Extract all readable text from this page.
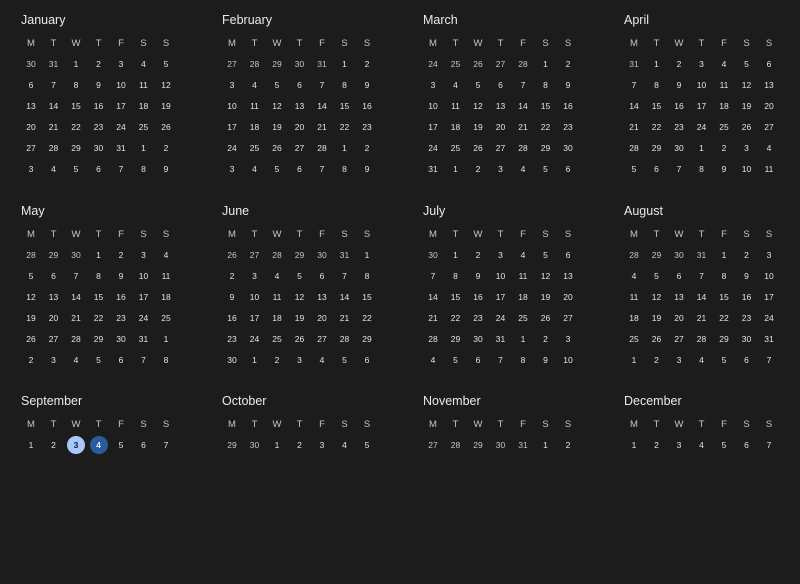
January
M	T	W	T	F	S	S
30	31	1	2	3	4	5
6	7	8	9	10	11	12
13	14	15	16	17	18	19
20	21	22	23	24	25	26
27	28	29	30	31	1	2
3	4	5	6	7	8	9
February
M	T	W	T	F	S	S
27	28	29	30	31	1	2
3	4	5	6	7	8	9
10	11	12	13	14	15	16
17	18	19	20	21	22	23
24	25	26	27	28	1	2
3	4	5	6	7	8	9
March
M	T	W	T	F	S	S
24	25	26	27	28	1	2
3	4	5	6	7	8	9
10	11	12	13	14	15	16
17	18	19	20	21	22	23
24	25	26	27	28	29	30
31	1	2	3	4	5	6
April
M	T	W	T	F	S	S
31	1	2	3	4	5	6
7	8	9	10	11	12	13
14	15	16	17	18	19	20
21	22	23	24	25	26	27
28	29	30	1	2	3	4
5	6	7	8	9	10	11
May
M	T	W	T	F	S	S
28	29	30	1	2	3	4
5	6	7	8	9	10	11
12	13	14	15	16	17	18
19	20	21	22	23	24	25
26	27	28	29	30	31	1
2	3	4	5	6	7	8
June
M	T	W	T	F	S	S
26	27	28	29	30	31	1
2	3	4	5	6	7	8
9	10	11	12	13	14	15
16	17	18	19	20	21	22
23	24	25	26	27	28	29
30	1	2	3	4	5	6
July
M	T	W	T	F	S	S
30	1	2	3	4	5	6
7	8	9	10	11	12	13
14	15	16	17	18	19	20
21	22	23	24	25	26	27
28	29	30	31	1	2	3
4	5	6	7	8	9	10
August
M	T	W	T	F	S	S
28	29	30	31	1	2	3
4	5	6	7	8	9	10
11	12	13	14	15	16	17
18	19	20	21	22	23	24
25	26	27	28	29	30	31
1	2	3	4	5	6	7
September
M	T	W	T	F	S	S
1	2	3	4	5	6	7
October
M	T	W	T	F	S	S
29	30	1	2	3	4	5
November
M	T	W	T	F	S	S
27	28	29	30	31	1	2
December
M	T	W	T	F	S	S
1	2	3	4	5	6	7
